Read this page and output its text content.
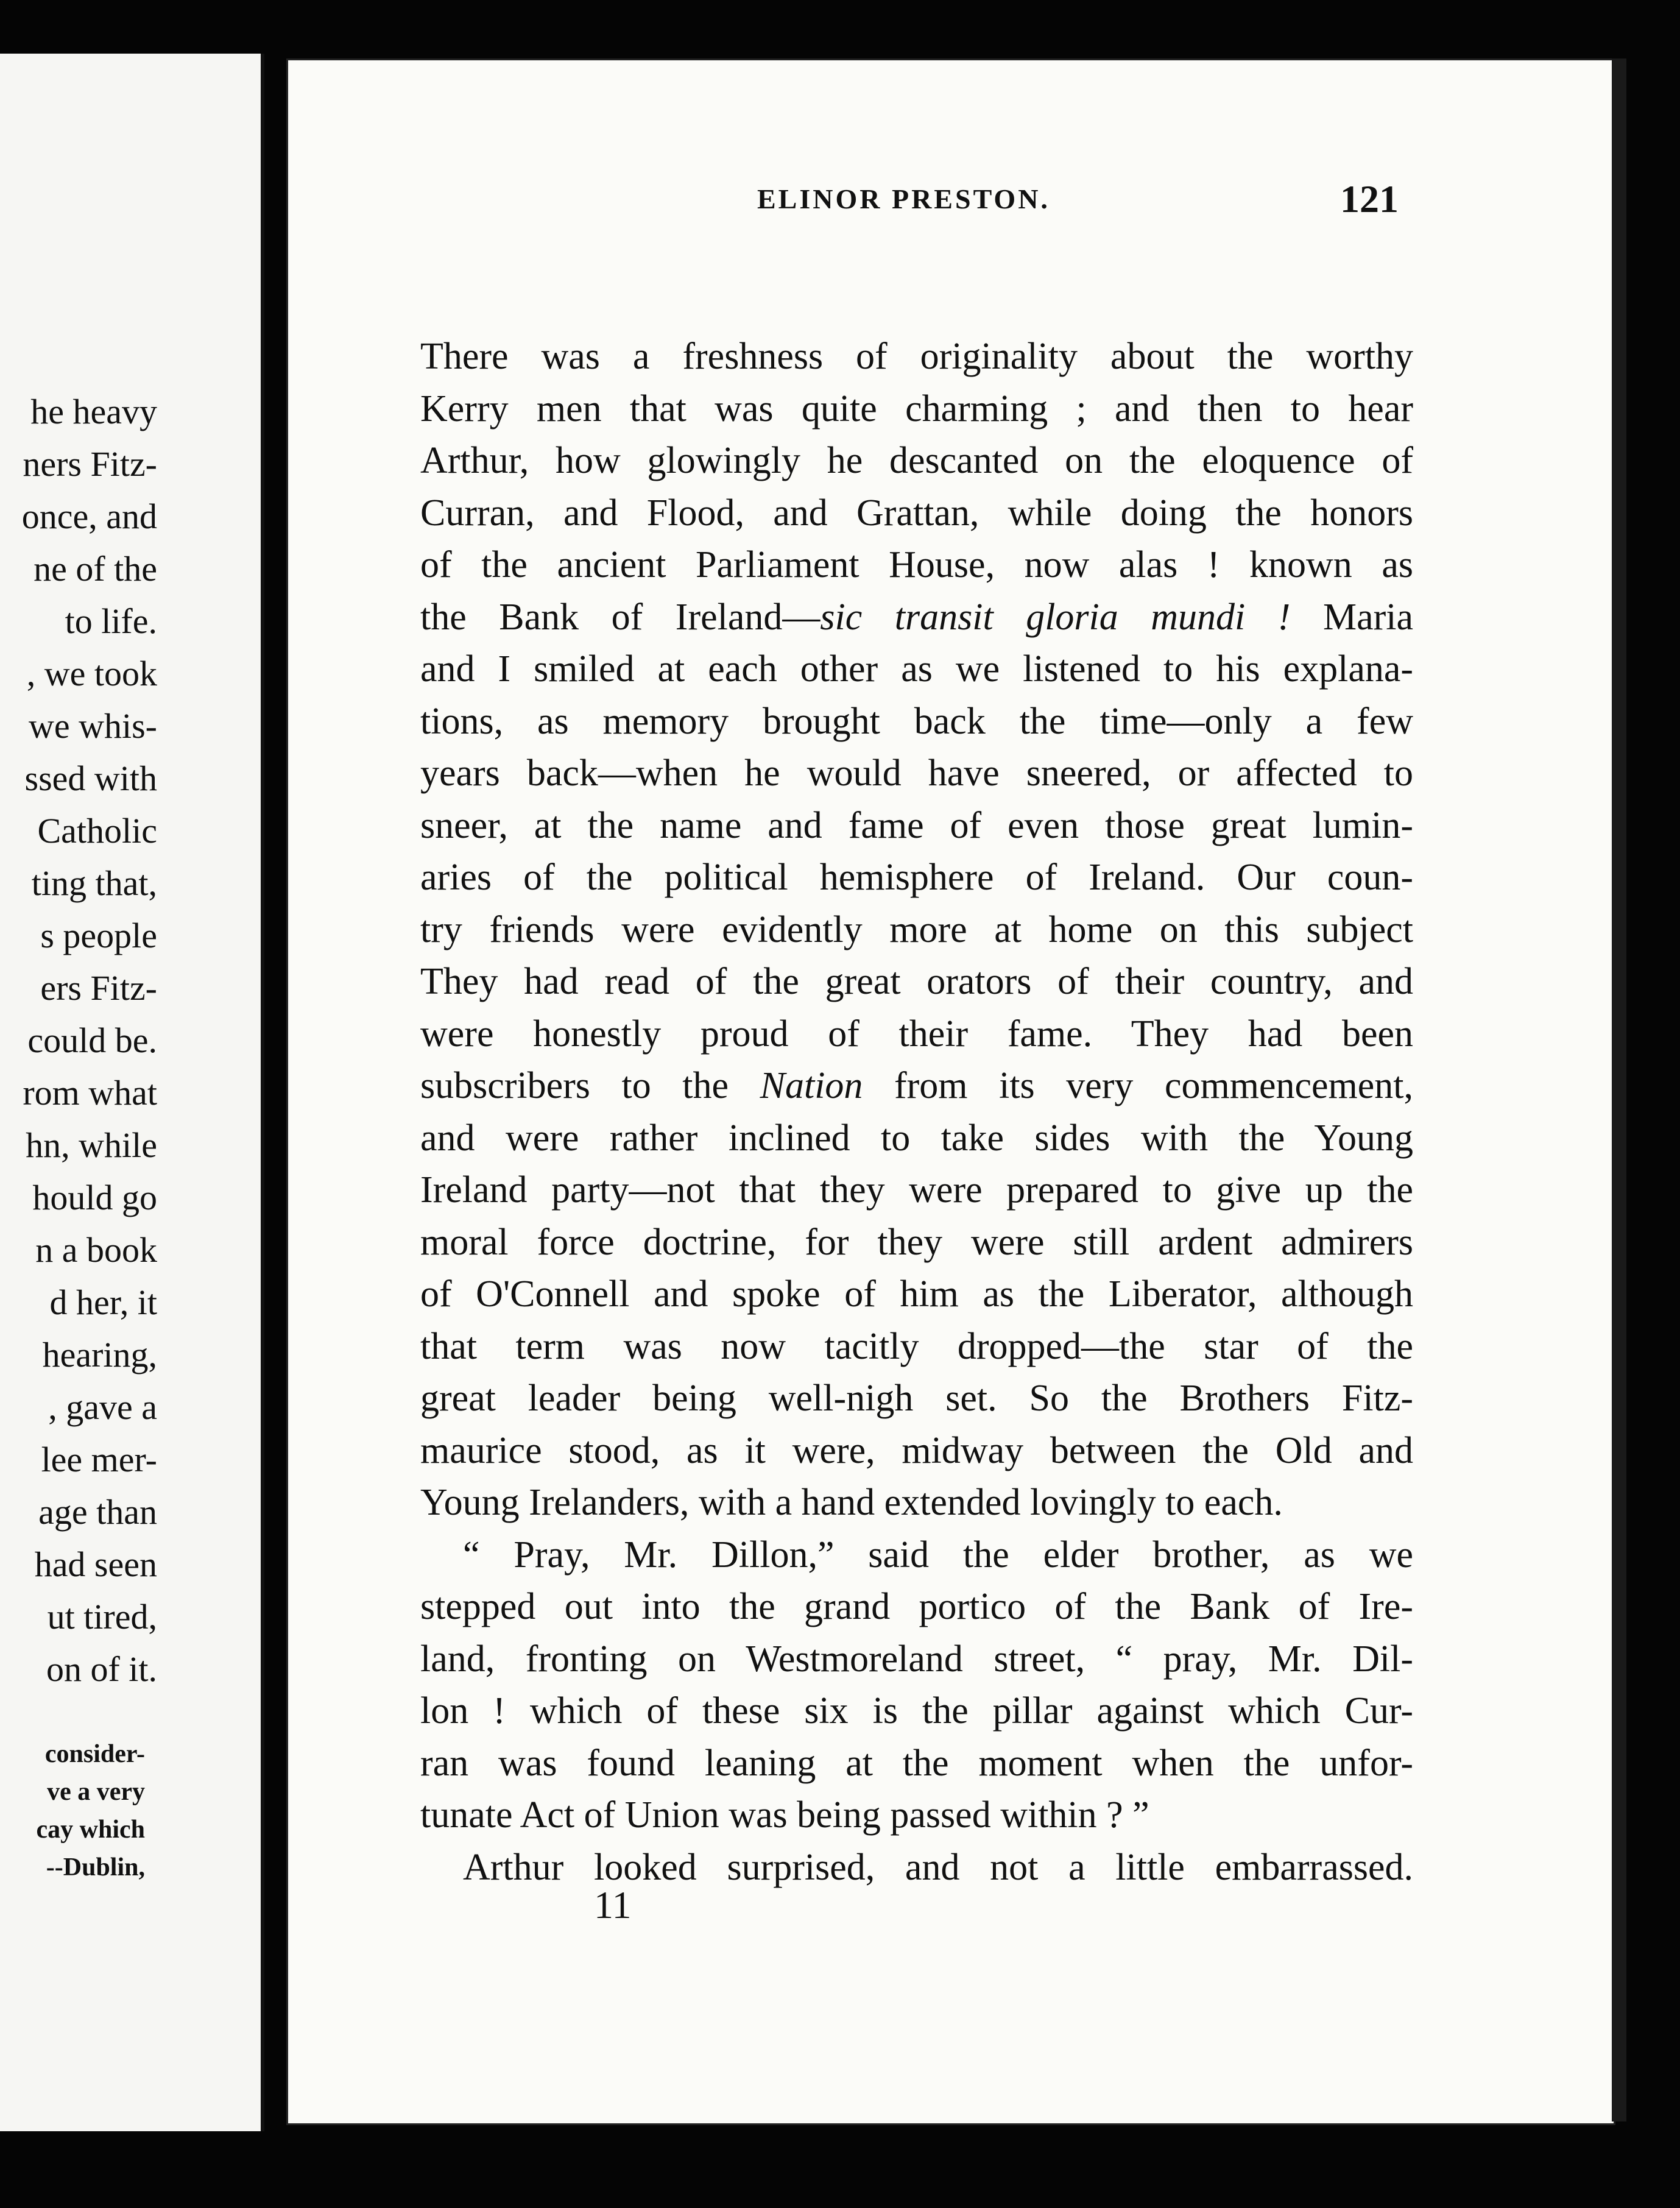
he heavy
ners Fitz-
once, and
ne of the
to life.
, we took
we whis-
ssed with
Catholic
ting that,
s people
ers Fitz-
could be.
rom what
hn, while
hould go
n a book
d her, it
hearing,
, gave a
lee mer-
age than
had seen
ut tired,
on of it.
consider-
ve a very
cay which
--Dublin,
ELINOR PRESTON.	121
There was a freshness of originality about the worthy
Kerry men that was quite charming ; and then to hear
Arthur, how glowingly he descanted on the eloquence of
Curran, and Flood, and Grattan, while doing the honors
of the ancient Parliament House, now alas ! known as
the Bank of Ireland—sic transit gloria mundi ! Maria
and I smiled at each other as we listened to his explana-
tions, as memory brought back the time—only a few
years back—when he would have sneered, or affected to
sneer, at the name and fame of even those great lumin-
aries of the political hemisphere of Ireland. Our coun-
try friends were evidently more at home on this subject
They had read of the great orators of their country, and
were honestly proud of their fame. They had been
subscribers to the Nation from its very commencement,
and were rather inclined to take sides with the Young
Ireland party—not that they were prepared to give up the
moral force doctrine, for they were still ardent admirers
of O'Connell and spoke of him as the Liberator, although
that term was now tacitly dropped—the star of the
great leader being well-nigh set. So the Brothers Fitz-
maurice stood, as it were, midway between the Old and
Young Irelanders, with a hand extended lovingly to each.
“ Pray, Mr. Dillon,” said the elder brother, as we
stepped out into the grand portico of the Bank of Ire-
land, fronting on Westmoreland street, “ pray, Mr. Dil-
lon ! which of these six is the pillar against which Cur-
ran was found leaning at the moment when the unfor-
tunate Act of Union was being passed within ? ”
Arthur looked surprised, and not a little embarrassed.
11
